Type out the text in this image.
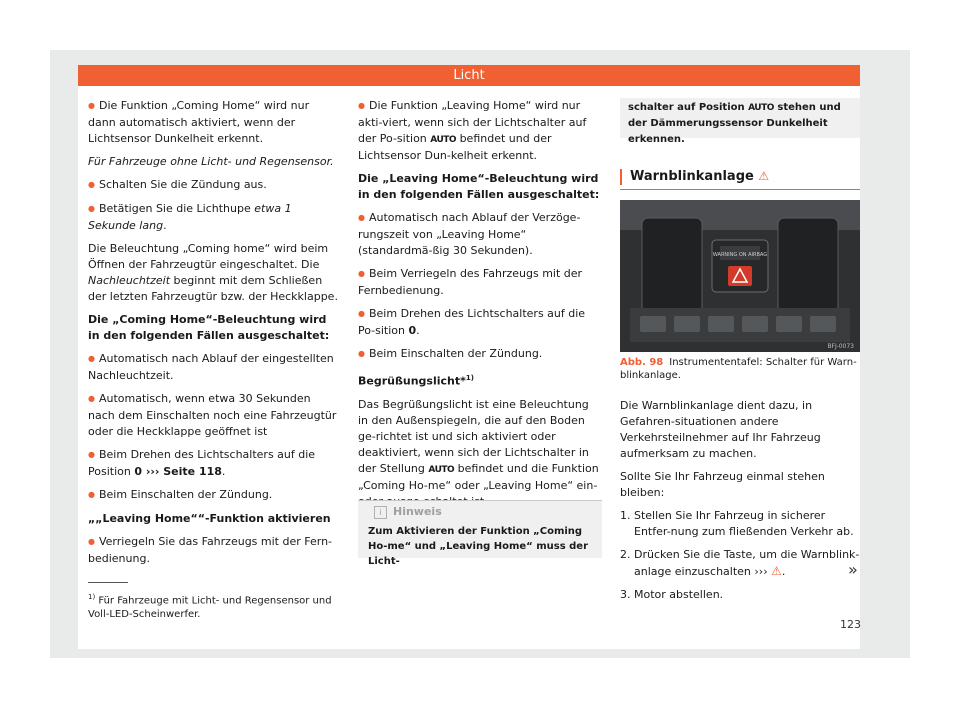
Licht

● Die Funktion „Coming Home“ wird nur dann automatisch aktiviert, wenn der Lichtsensor Dunkelheit erkennt.

Für Fahrzeuge ohne Licht- und Regensensor.

● Schalten Sie die Zündung aus.

● Betätigen Sie die Lichthupe etwa 1 Sekunde lang.

Die Beleuchtung „Coming home“ wird beim Öffnen der Fahrzeugtür eingeschaltet. Die Nachleuchtzeit beginnt mit dem Schließen der letzten Fahrzeugtür bzw. der Heckklappe.

Die „Coming Home“-Beleuchtung wird in den folgenden Fällen ausgeschaltet:

● Automatisch nach Ablauf der eingestellten Nachleuchtzeit.

● Automatisch, wenn etwa 30 Sekunden nach dem Einschalten noch eine Fahrzeugtür oder die Heckklappe geöffnet ist

● Beim Drehen des Lichtschalters auf die Position 0 ››› Seite 118.

● Beim Einschalten der Zündung.

„„Leaving Home““-Funktion aktivieren

● Verriegeln Sie das Fahrzeugs mit der Fern-bedienung.

● Die Funktion „Leaving Home“ wird nur akti-viert, wenn sich der Lichtschalter auf der Po-sition AUTO befindet und der Lichtsensor Dun-kelheit erkennt.

Die „Leaving Home“-Beleuchtung wird in den folgenden Fällen ausgeschaltet:

● Automatisch nach Ablauf der Verzöge-rungszeit von „Leaving Home“ (standardmä-ßig 30 Sekunden).

● Beim Verriegeln des Fahrzeugs mit der Fernbedienung.

● Beim Drehen des Lichtschalters auf die Po-sition 0.

● Beim Einschalten der Zündung.

Begrüßungslicht*$^{1)}$

Das Begrüßungslicht ist eine Beleuchtung in den Außenspiegeln, die auf den Boden ge-richtet ist und sich aktiviert oder deaktiviert, wenn sich der Lichtschalter in der Stellung AUTO befindet und die Funktion „Coming Ho-me“ oder „Leaving Home“ ein-

i Hinweis
Zum Aktivieren der Funktion „Coming Ho-me“ und „Leaving Home“ muss der Licht-
schalter auf Position AUTO stehen und der Dämmerungssensor Dunkelheit erkennen.
Warnblinkanlage ⚠
WARNING ON AIRBAG
BFJ-0073
Abb. 98 Instrumententafel: Schalter für Warn-blinkanlage.

Die Warnblinkanlage dient dazu, in Gefahren-situationen andere Verkehrsteilnehmer auf Ihr Fahrzeug aufmerksam zu machen.

Sollte Sie Ihr Fahrzeug einmal stehen bleiben:

1. Stellen Sie Ihr Fahrzeug in sicherer Entfer-nung zum fließenden Verkehr ab.

2. Drücken Sie die Taste, um die Warnblink-anlage einzuschalten ››› ⚠.

3. Motor abstellen.

»
$^{1)}$ Für Fahrzeuge mit Licht- und Regensensor und Voll-LED-Scheinwerfer.
123
